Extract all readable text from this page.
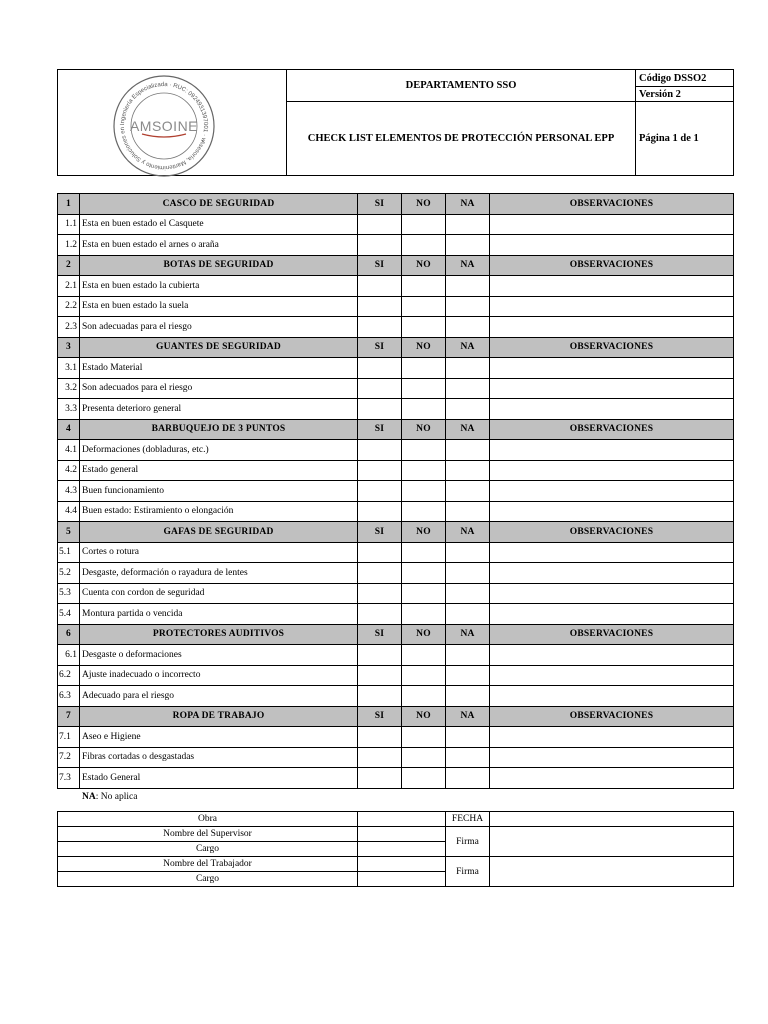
	DEPARTAMENTO SSO	Código DSSO2
		Versión 2
	CHECK LIST ELEMENTOS DE PROTECCIÓN PERSONAL EPP	Página 1 de 1
Asesoría, Mantenimiento y Soluciones en Ingeniería Especializada · RUC: 0924931397001 · www.amsoine.com
AMSOINE
1	CASCO DE SEGURIDAD	SI	NO	NA	OBSERVACIONES
1.1	Esta en buen estado el Casquete				
1.2	Esta en buen estado el arnes o araña				
2	BOTAS DE SEGURIDAD	SI	NO	NA	OBSERVACIONES
2.1	Esta en buen estado la cubierta				
2.2	Esta en buen estado la suela				
2.3	Son adecuadas para el riesgo				
3	GUANTES DE SEGURIDAD	SI	NO	NA	OBSERVACIONES
3.1	Estado Material				
3.2	Son adecuados para el riesgo				
3.3	Presenta deterioro general				
4	BARBUQUEJO DE 3 PUNTOS	SI	NO	NA	OBSERVACIONES
4.1	Deformaciones (dobladuras, etc.)				
4.2	Estado general				
4.3	Buen funcionamiento				
4.4	Buen estado: Estiramiento o elongación				
5	GAFAS DE SEGURIDAD	SI	NO	NA	OBSERVACIONES
5.1	Cortes o rotura				
5.2	Desgaste, deformación o rayadura de lentes				
5.3	Cuenta con cordon de seguridad				
5.4	Montura partida o vencida				
6	PROTECTORES AUDITIVOS	SI	NO	NA	OBSERVACIONES
6.1	Desgaste o deformaciones				
6.2	Ajuste inadecuado o incorrecto				
6.3	Adecuado para el riesgo				
7	ROPA DE TRABAJO	SI	NO	NA	OBSERVACIONES
7.1	Aseo e Higiene				
7.2	Fibras cortadas o desgastadas				
7.3	Estado General				
NA: No aplica
Obra		FECHA	
Nombre del Supervisor		Firma	
Cargo			
Nombre del Trabajador		Firma	
Cargo			
